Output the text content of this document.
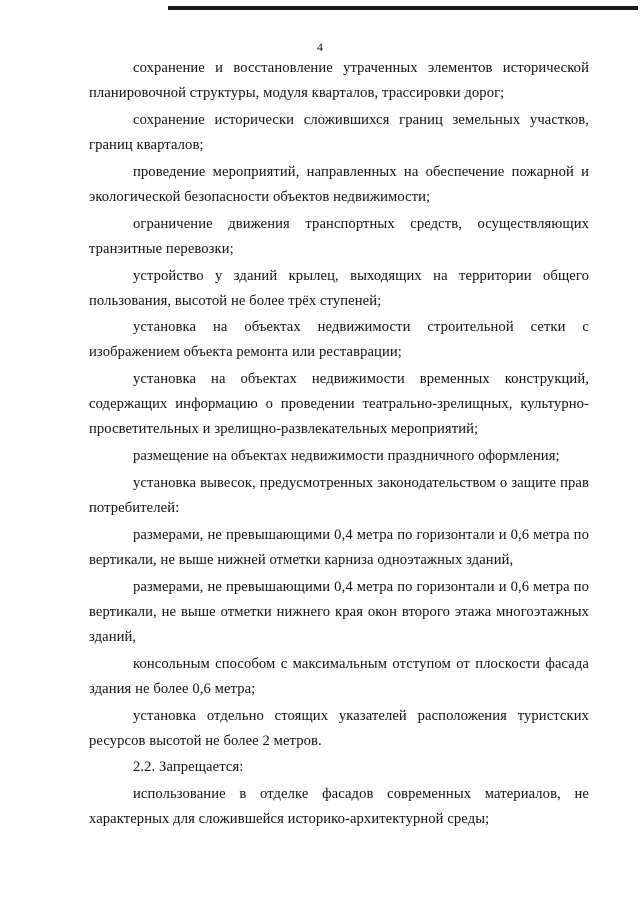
4

сохранение и восстановление утраченных элементов исторической планировочной структуры, модуля кварталов, трассировки дорог;

сохранение исторически сложившихся границ земельных участков, границ кварталов;

проведение мероприятий, направленных на обеспечение пожарной и экологической безопасности объектов недвижимости;

ограничение движения транспортных средств, осуществляющих транзитные перевозки;

устройство у зданий крылец, выходящих на территории общего пользования, высотой не более трёх ступеней;

установка на объектах недвижимости строительной сетки с изображением объекта ремонта или реставрации;

установка на объектах недвижимости временных конструкций, содержащих информацию о проведении театрально-зрелищных, культурно-просветительных и зрелищно-развлекательных мероприятий;

размещение на объектах недвижимости праздничного оформления;

установка вывесок, предусмотренных законодательством о защите прав потребителей:

размерами, не превышающими 0,4 метра по горизонтали и 0,6 метра по вертикали, не выше нижней отметки карниза одноэтажных зданий,

размерами, не превышающими 0,4 метра по горизонтали и 0,6 метра по вертикали, не выше отметки нижнего края окон второго этажа многоэтажных зданий,

консольным способом с максимальным отступом от плоскости фасада здания не более 0,6 метра;

установка отдельно стоящих указателей расположения туристских ресурсов высотой не более 2 метров.

2.2. Запрещается:

использование в отделке фасадов современных материалов, не характерных для сложившейся историко-архитектурной среды;
